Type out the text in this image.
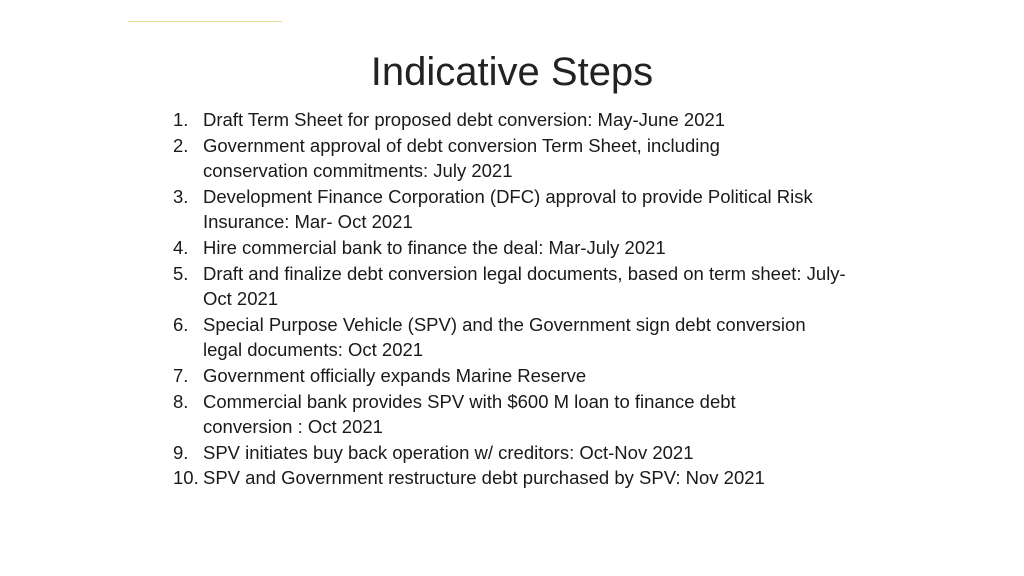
Indicative Steps
1. Draft Term Sheet for proposed debt conversion: May-June 2021
2. Government approval of debt conversion Term Sheet, including conservation commitments: July 2021
3. Development Finance Corporation (DFC) approval to provide Political Risk Insurance: Mar- Oct 2021
4. Hire commercial bank to finance the deal: Mar-July 2021
5. Draft and finalize debt conversion legal documents, based on term sheet: July-Oct 2021
6. Special Purpose Vehicle (SPV) and the Government sign debt conversion legal documents: Oct 2021
7. Government officially expands Marine Reserve
8. Commercial bank provides SPV with $600 M loan to finance debt conversion : Oct 2021
9. SPV initiates buy back operation w/ creditors: Oct-Nov 2021
10. SPV and Government restructure debt purchased by SPV: Nov 2021
